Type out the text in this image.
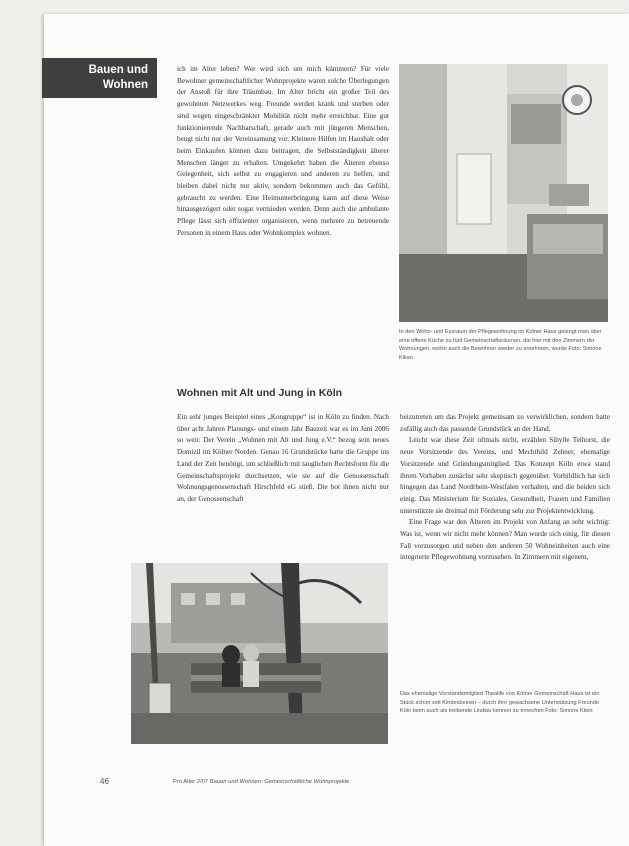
Bauen und
Wohnen

ich im Alter leben? Wer wird sich um mich kümmern? Für viele Bewohner gemeinschaftlicher Wohnprojekte waren solche Überlegungen der Anstoß für ihre Träumbau. Im Alter bricht ein großer Teil des gewohnten Netzwerkes weg. Freunde werden krank und sterben oder sind wegen eingeschränkter Mobilität nicht mehr erreichbar. Eine gut funktionierende Nachbarschaft, gerade auch mit jüngeren Menschen, beugt nicht nur der Vereinsamung vor. Kleinere Hilfen im Haushalt oder beim Einkaufen können dazu beitragen, die Selbstständigkeit älterer Menschen länger zu erhalten. Umgekehrt haben die Älteren ebenso Gelegenheit, sich selbst zu engagieren und anderen zu helfen, und bleiben dabei nicht nur aktiv, sondern bekommen auch das Gefühl, gebraucht zu werden. Eine Heimunterbringung kann auf diese Weise hinausgezögert oder sogar vermieden werden. Denn auch die ambulante Pflege lässt sich effizienter organisieren, wenn mehrere zu betreuende Personen in einem Haus oder Wohnkomplex wohnen.

In den Wohn- und Essraum der Pflegewohnung im Kölner Haus gelangt man über eine offene Küche zu fünf Gemeinschaftsräumen, die hier mit den Zimmern der Wohnungen, wohin auch die Bewohner wieder zu ernehmen, wurde Foto: Simone Kilian
Wohnen mit Alt und Jung in Köln

Ein sehr junges Beispiel eines „Kongruppe“ ist in Köln zu finden. Nach über acht Jahren Planungs- und einem Jahr Bauzeit war es im Juni 2006 so weit: Der Verein „Wohnen mit Alt und Jung e.V.“ bezog sein neues Domizil im Kölner Norden. Genau 16 Grundstücke hatte die Gruppe ins Land der Zeit benötigt, um schließlich mit tauglichen Rechtsform für die Gemeinschaftsprojekt durchsetzen, wie sie auf die Genossenschaft Wohnungsgenossenschaft Hirschfeld eG stieß. Die bot ihnen nicht nur an, der Genossenschaft

beizutreten um das Projekt gemeinsam zu verwirklichen, sondern hatte zufällig auch das passende Grundstück an der Hand.

Leicht war diese Zeit oftmals nicht, erzählen Sibylle Teihorst, die neue Vorsitzende des Vereins, und Mechthild Zehner, ehemalige Vorsitzende und Gründungsmitglied. Das Konzept Köln etwa stand ihrem Vorhaben zunächst sehr skeptisch gegenüber. Vorbildlich hat sich hingegen das Land Nordrhein-Westfalen verhalten, und die beiden sich einig. Das Ministerium für Soziales, Gesundheit, Frauen und Familien unterstützte sie dreimal mit Förderung sehr zur Projektentwicklung.

Eine Frage war den Älteren im Projekt von Anfang an sehr wichtig: Was ist, wenn wir nicht mehr können? Man wurde sich einig, für diesen Fall vorzusorgen und neben den anderen 50 Wohneinheiten auch eine integrierte Pflegewohnung vorzusehen. In Zimmern mit eigenem,

Das ehemalige Vorstandsmitglied Thealife von Kölner Gemeinschaft Haus ist ein Stück schon seit Kindesbeinen – durch ihre gewachsene Unterstützung Freunde Köln beim auch als treibende Lindwu kennen zu erreichen Foto: Simone Klein
46	Pro Alter 2/07 Bauen und Wohnen: Gemeinschaftliche Wohnprojekte
